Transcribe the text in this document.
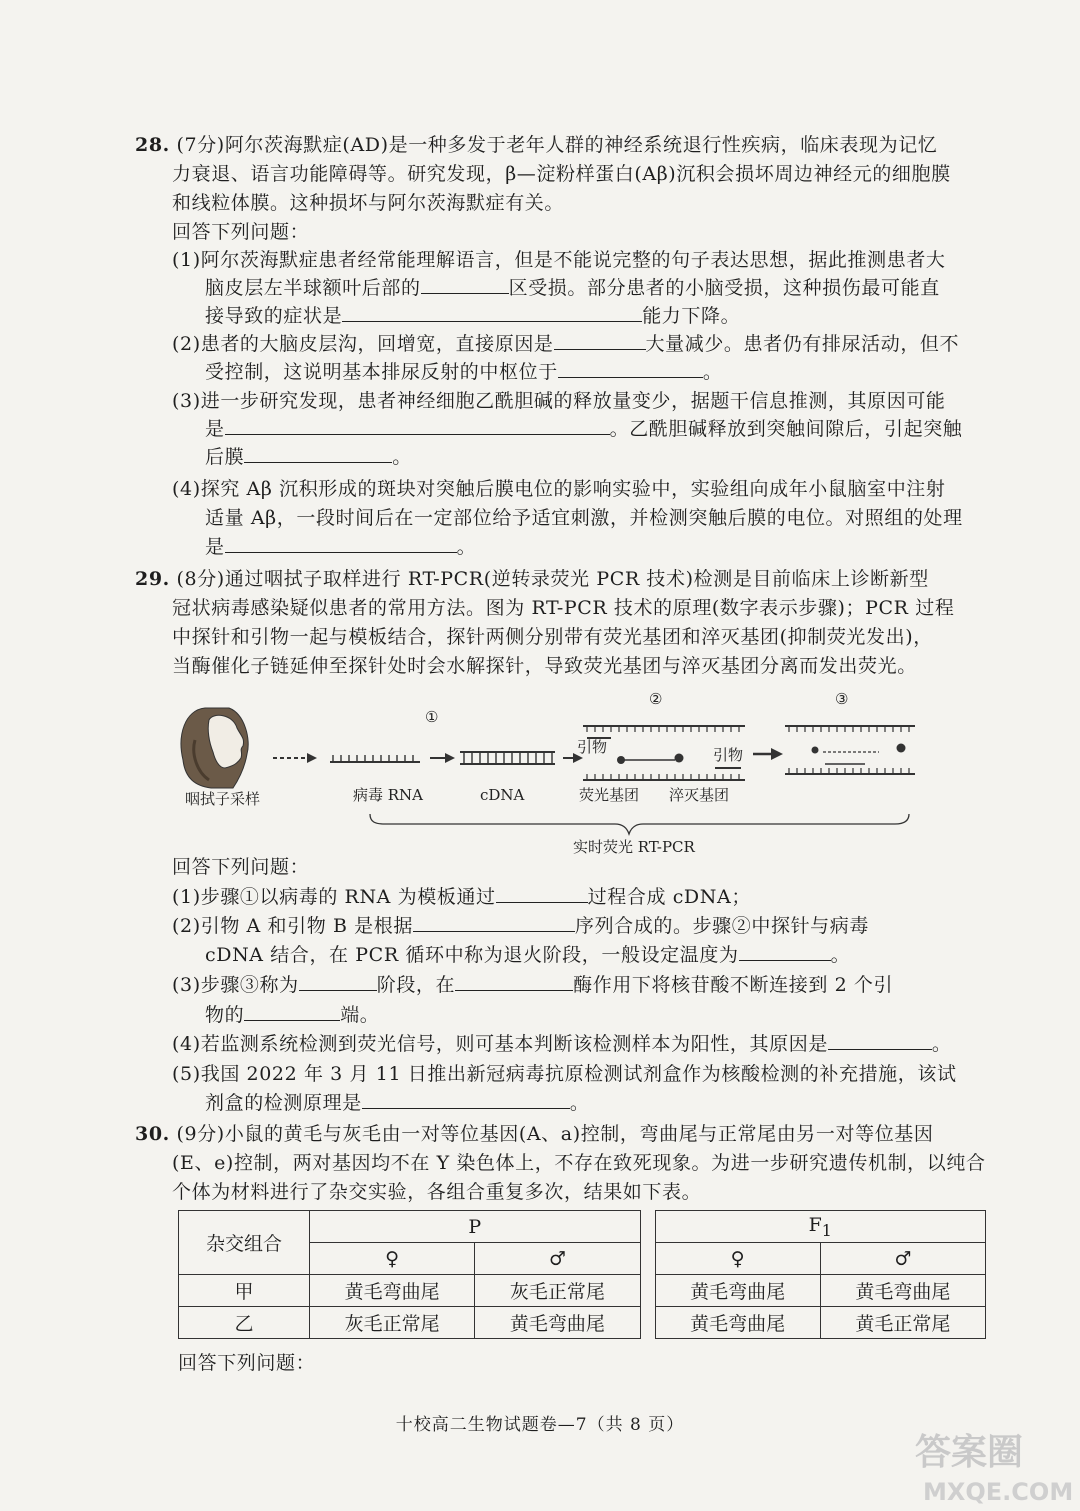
28. (7分)阿尔茨海默症(AD)是一种多发于老年人群的神经系统退行性疾病，临床表现为记忆
力衰退、语言功能障碍等。研究发现，β—淀粉样蛋白(Aβ)沉积会损坏周边神经元的细胞膜
和线粒体膜。这种损坏与阿尔茨海默症有关。
回答下列问题：
(1)阿尔茨海默症患者经常能理解语言，但是不能说完整的句子表达思想，据此推测患者大
脑皮层左半球额叶后部的	区受损。部分患者的小脑受损，这种损伤最可能直
接导致的症状是	能力下降。
(2)患者的大脑皮层沟，回增宽，直接原因是	大量减少。患者仍有排尿活动，但不
受控制，这说明基本排尿反射的中枢位于	。
(3)进一步研究发现，患者神经细胞乙酰胆碱的释放量变少，据题干信息推测，其原因可能
是	。乙酰胆碱释放到突触间隙后，引起突触
后膜	。
(4)探究 Aβ 沉积形成的斑块对突触后膜电位的影响实验中，实验组向成年小鼠脑室中注射
适量 Aβ，一段时间后在一定部位给予适宜刺激，并检测突触后膜的电位。对照组的处理
是	。
29. (8分)通过咽拭子取样进行 RT-PCR(逆转录荧光 PCR 技术)检测是目前临床上诊断新型
冠状病毒感染疑似患者的常用方法。图为 RT-PCR 技术的原理(数字表示步骤)；PCR 过程
中探针和引物一起与模板结合，探针两侧分别带有荧光基团和淬灭基团(抑制荧光发出)，
当酶催化子链延伸至探针处时会水解探针，导致荧光基团与淬灭基团分离而发出荧光。
咽拭子采样	病毒 RNA
①
cDNA
②
引物	引物
荧光基团 淬灭基团
③
实时荧光 RT-PCR
回答下列问题：
(1)步骤①以病毒的 RNA 为模板通过	过程合成 cDNA；
(2)引物 A 和引物 B 是根据	序列合成的。步骤②中探针与病毒
cDNA 结合，在 PCR 循环中称为退火阶段，一般设定温度为	。
(3)步骤③称为	阶段，在	酶作用下将核苷酸不断连接到 2 个引
物的	端。
(4)若监测系统检测到荧光信号，则可基本判断该检测样本为阳性，其原因是	。
(5)我国 2022 年 3 月 11 日推出新冠病毒抗原检测试剂盒作为核酸检测的补充措施，该试
剂盒的检测原理是	。
30. (9分)小鼠的黄毛与灰毛由一对等位基因(A、a)控制，弯曲尾与正常尾由另一对等位基因
(E、e)控制，两对基因均不在 Y 染色体上，不存在致死现象。为进一步研究遗传机制，以纯合
个体为材料进行了杂交实验，各组合重复多次，结果如下表。
杂交组合	P			$F_1$
	♀	♂		♀	♂
甲	黄毛弯曲尾	灰毛正常尾		黄毛弯曲尾	黄毛弯曲尾
乙	灰毛正常尾	黄毛弯曲尾		黄毛弯曲尾	黄毛正常尾
回答下列问题：
十校高二生物试题卷—7（共 8 页）
答案圈
MXQE.COM
